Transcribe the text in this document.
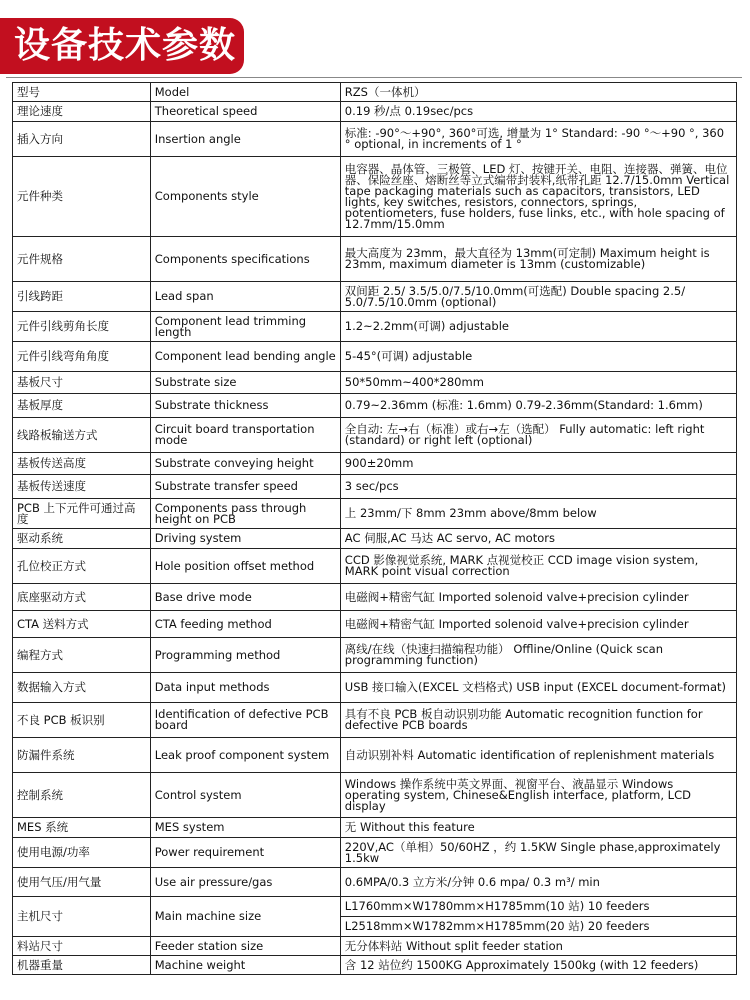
设备技术参数
型号	Model	RZS（一体机）
理论速度	Theoretical speed	0.19 秒/点 0.19sec/pcs
插入方向	Insertion angle	标准: -90°～+90°, 360°可选, 增量为 1° Standard: -90 °～+90 °, 360 ° optional, in increments of 1 °
元件种类	Components style	电容器、晶体管、三极管、LED 灯、按键开关、电阻、连接器、弹簧、电位器、保险丝座、熔断丝等立式编带封装料,纸带孔距 12.7/15.0mm Vertical tape packaging materials such as capacitors, transistors, LED lights, key switches, resistors, connectors, springs, potentiometers, fuse holders, fuse links, etc., with hole spacing of 12.7mm/15.0mm
元件规格	Components specifications	最大高度为 23mm，最大直径为 13mm(可定制) Maximum height is 23mm, maximum diameter is 13mm (customizable)
引线跨距	Lead span	双间距 2.5/ 3.5/5.0/7.5/10.0mm(可选配) Double spacing 2.5/ 5.0/7.5/10.0mm (optional)
元件引线剪角长度	Component lead trimming length	1.2~2.2mm(可调) adjustable
元件引线弯角角度	Component lead bending angle	5-45°(可调) adjustable
基板尺寸	Substrate size	50*50mm~400*280mm
基板厚度	Substrate thickness	0.79~2.36mm (标准: 1.6mm) 0.79-2.36mm(Standard: 1.6mm)
线路板输送方式	Circuit board transportation mode	全自动: 左→右（标准）或右→左（选配） Fully automatic: left right (standard) or right left (optional)
基板传送高度	Substrate conveying height	900±20mm
基板传送速度	Substrate transfer speed	3 sec/pcs
PCB 上下元件可通过高度	Components pass through height on PCB	上 23mm/下 8mm 23mm above/8mm below
驱动系统	Driving system	AC 伺服,AC 马达 AC servo, AC motors
孔位校正方式	Hole position offset method	CCD 影像视觉系统, MARK 点视觉校正 CCD image vision system, MARK point visual correction
底座驱动方式	Base drive mode	电磁阀+精密气缸 Imported solenoid valve+precision cylinder
CTA 送料方式	CTA feeding method	电磁阀+精密气缸 Imported solenoid valve+precision cylinder
编程方式	Programming method	离线/在线（快速扫描编程功能） Offline/Online (Quick scan programming function)
数据输入方式	Data input methods	USB 接口输入(EXCEL 文档格式) USB input (EXCEL document-format)
不良 PCB 板识别	Identification of defective PCB board	具有不良 PCB 板自动识别功能 Automatic recognition function for defective PCB boards
防漏件系统	Leak proof component system	自动识别补料 Automatic identification of replenishment materials
控制系统	Control system	Windows 操作系统中英文界面、视窗平台、液晶显示 Windows operating system, Chinese&English interface, platform, LCD display
MES 系统	MES system	无 Without this feature
使用电源/功率	Power requirement	220V,AC（单相）50/60HZ ，约 1.5KW Single phase,approximately 1.5kw
使用气压/用气量	Use air pressure/gas	0.6MPA/0.3 立方米/分钟 0.6 mpa/ 0.3 m³/ min
主机尺寸	Main machine size	L1760mm×W1780mm×H1785mm(10 站) 10 feeders
		L2518mm×W1782mm×H1785mm(20 站) 20 feeders
料站尺寸	Feeder station size	无分体料站 Without split feeder station
机器重量	Machine weight	含 12 站位约 1500KG Approximately 1500kg (with 12 feeders)
